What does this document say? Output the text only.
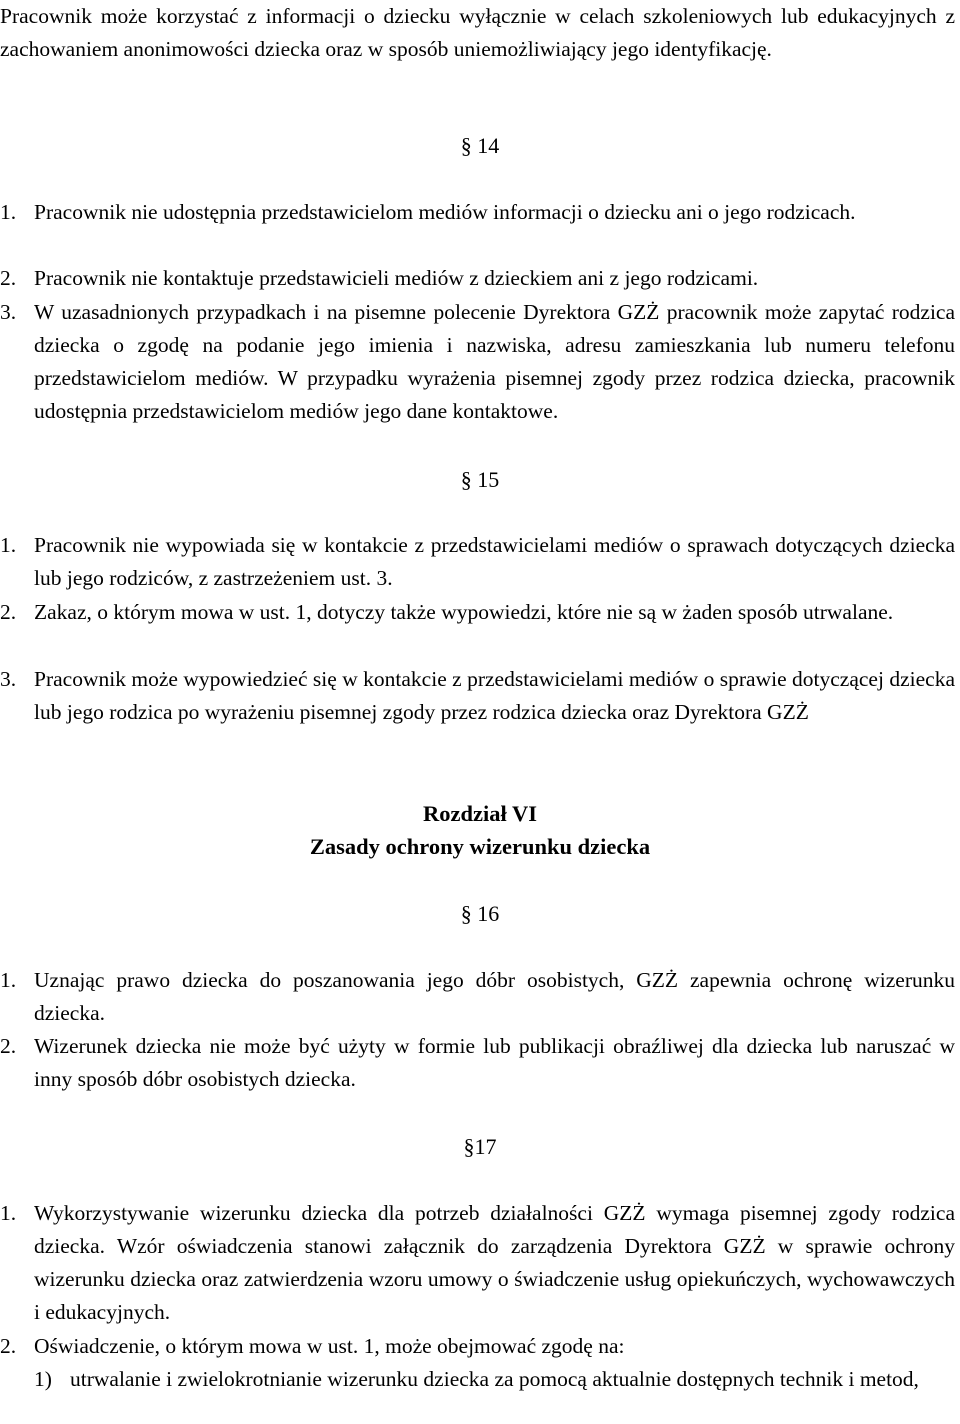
Pracownik może korzystać z informacji o dziecku wyłącznie w celach szkoleniowych lub edukacyjnych z zachowaniem anonimowości dziecka oraz w sposób uniemożliwiający jego identyfikację.

§ 14

1. Pracownik nie udostępnia przedstawicielom mediów informacji o dziecku ani o jego rodzicach.
2. Pracownik nie kontaktuje przedstawicieli mediów z dzieckiem ani z jego rodzicami.
3. W uzasadnionych przypadkach i na pisemne polecenie Dyrektora GZŻ pracownik może zapytać rodzica dziecka o zgodę na podanie jego imienia i nazwiska, adresu zamieszkania lub numeru telefonu przedstawicielom mediów. W przypadku wyrażenia pisemnej zgody przez rodzica dziecka, pracownik udostępnia przedstawicielom mediów jego dane kontaktowe.

§ 15

1. Pracownik nie wypowiada się w kontakcie z przedstawicielami mediów o sprawach dotyczących dziecka lub jego rodziców, z zastrzeżeniem ust. 3.
2. Zakaz, o którym mowa w ust. 1, dotyczy także wypowiedzi, które nie są w żaden sposób utrwalane.
3. Pracownik może wypowiedzieć się w kontakcie z przedstawicielami mediów o sprawie dotyczącej dziecka lub jego rodzica po wyrażeniu pisemnej zgody przez rodzica dziecka oraz Dyrektora GZŻ

Rozdział VI

Zasady ochrony wizerunku dziecka

§ 16

1. Uznając prawo dziecka do poszanowania jego dóbr osobistych, GZŻ zapewnia ochronę wizerunku dziecka.
2. Wizerunek dziecka nie może być użyty w formie lub publikacji obraźliwej dla dziecka lub naruszać w inny sposób dóbr osobistych dziecka.

§17

1. Wykorzystywanie wizerunku dziecka dla potrzeb działalności GZŻ wymaga pisemnej zgody rodzica dziecka. Wzór oświadczenia stanowi załącznik do zarządzenia Dyrektora GZŻ w sprawie ochrony wizerunku dziecka oraz zatwierdzenia wzoru umowy o świadczenie usług opiekuńczych, wychowawczych i edukacyjnych.
2. Oświadczenie, o którym mowa w ust. 1, może obejmować zgodę na:
1) utrwalanie i zwielokrotnianie wizerunku dziecka za pomocą aktualnie dostępnych technik i metod,
